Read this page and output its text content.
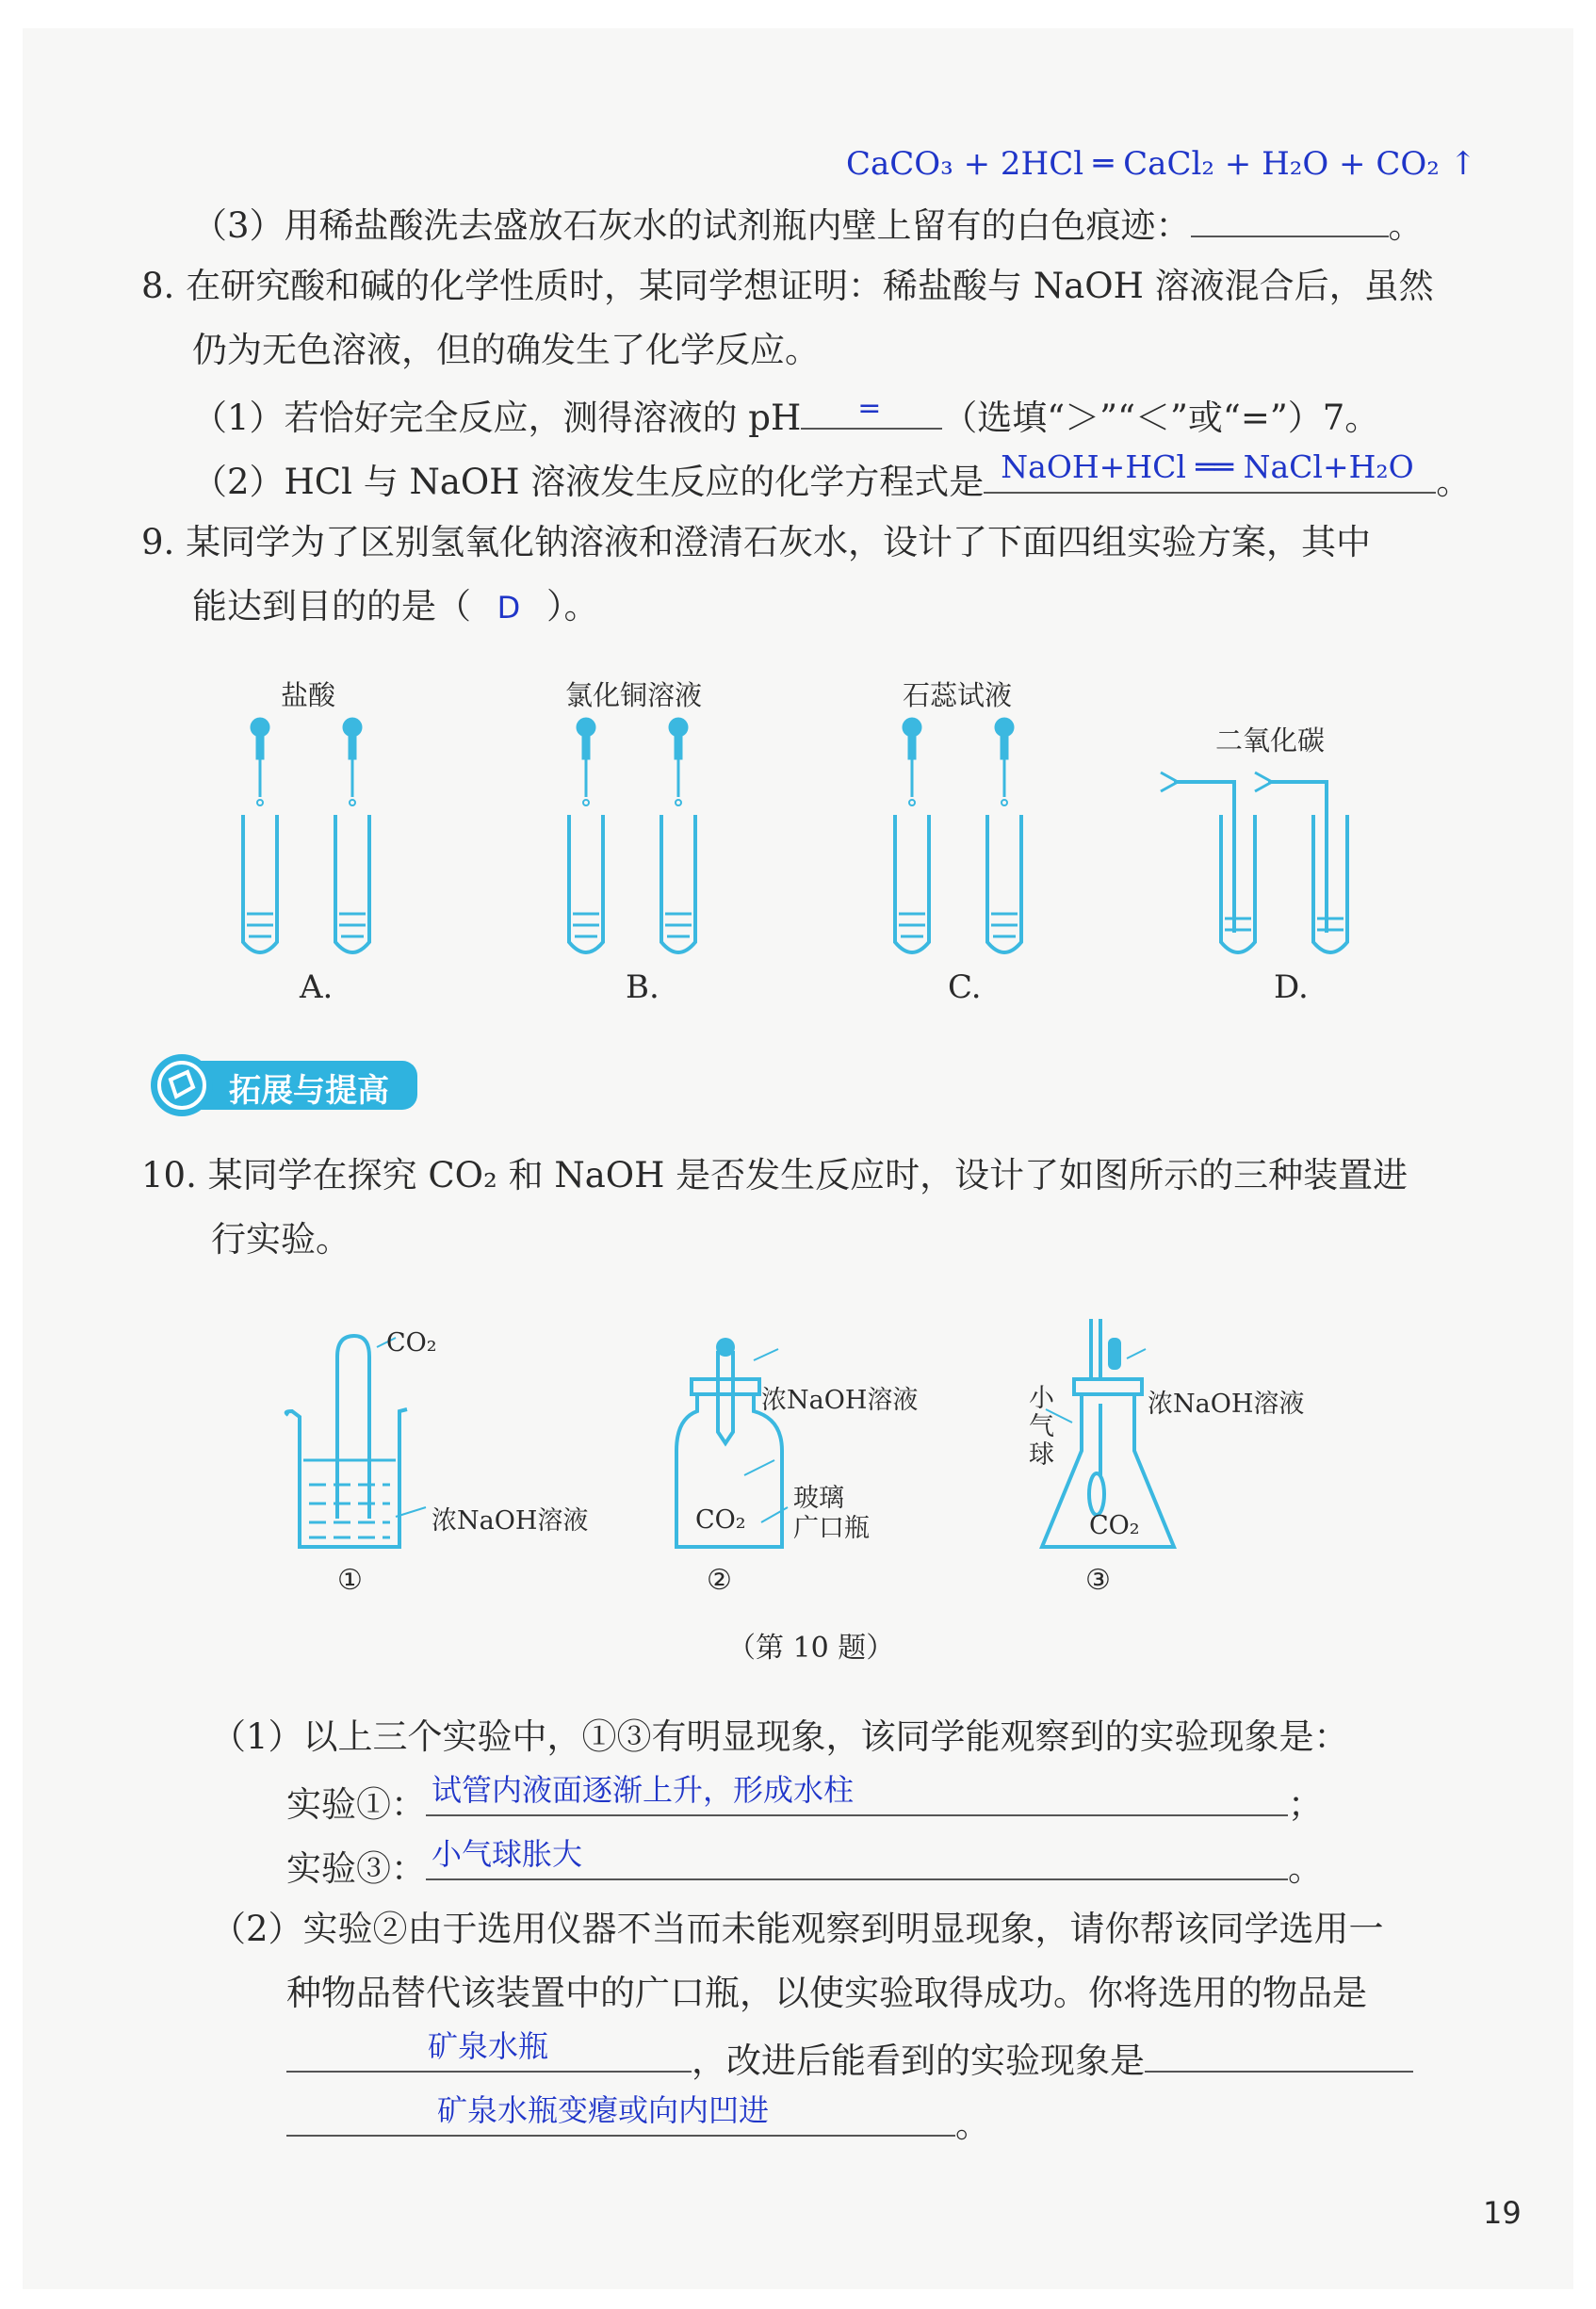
CaCO₃ + 2HCl ═ CaCl₂ + H₂O + CO₂ ↑
（3）用稀盐酸洗去盛放石灰水的试剂瓶内壁上留有的白色痕迹：	。
8. 在研究酸和碱的化学性质时，某同学想证明：稀盐酸与 NaOH 溶液混合后，虽然
仍为无色溶液，但的确发生了化学反应。
（1）若恰好完全反应，测得溶液的 pH = （选填“＞”“＜”或“=”）7。
（2）HCl 与 NaOH 溶液发生反应的化学方程式是 NaOH+HCl ══ NaCl+H₂O 。
9. 某同学为了区别氢氧化钠溶液和澄清石灰水，设计了下面四组实验方案，其中
能达到目的的是（ D ）。
盐酸	氯化铜溶液	石蕊试液
二氧化碳
A.	B.	C.	D.
拓展与提高
10. 某同学在探究 CO₂ 和 NaOH 是否发生反应时，设计了如图所示的三种装置进
行实验。
CO₂
浓NaOH溶液
浓NaOH溶液
CO₂
玻璃
广口瓶
小气球
浓NaOH溶液
CO₂
①	②	③
（第 10 题）
（1）以上三个实验中，①③有明显现象，该同学能观察到的实验现象是：
实验①： 试管内液面逐渐上升，形成水柱	；
实验③： 小气球胀大	。
（2）实验②由于选用仪器不当而未能观察到明显现象，请你帮该同学选用一
种物品替代该装置中的广口瓶，以使实验取得成功。你将选用的物品是
矿泉水瓶	，改进后能看到的实验现象是
矿泉水瓶变瘪或向内凹进	。
19
